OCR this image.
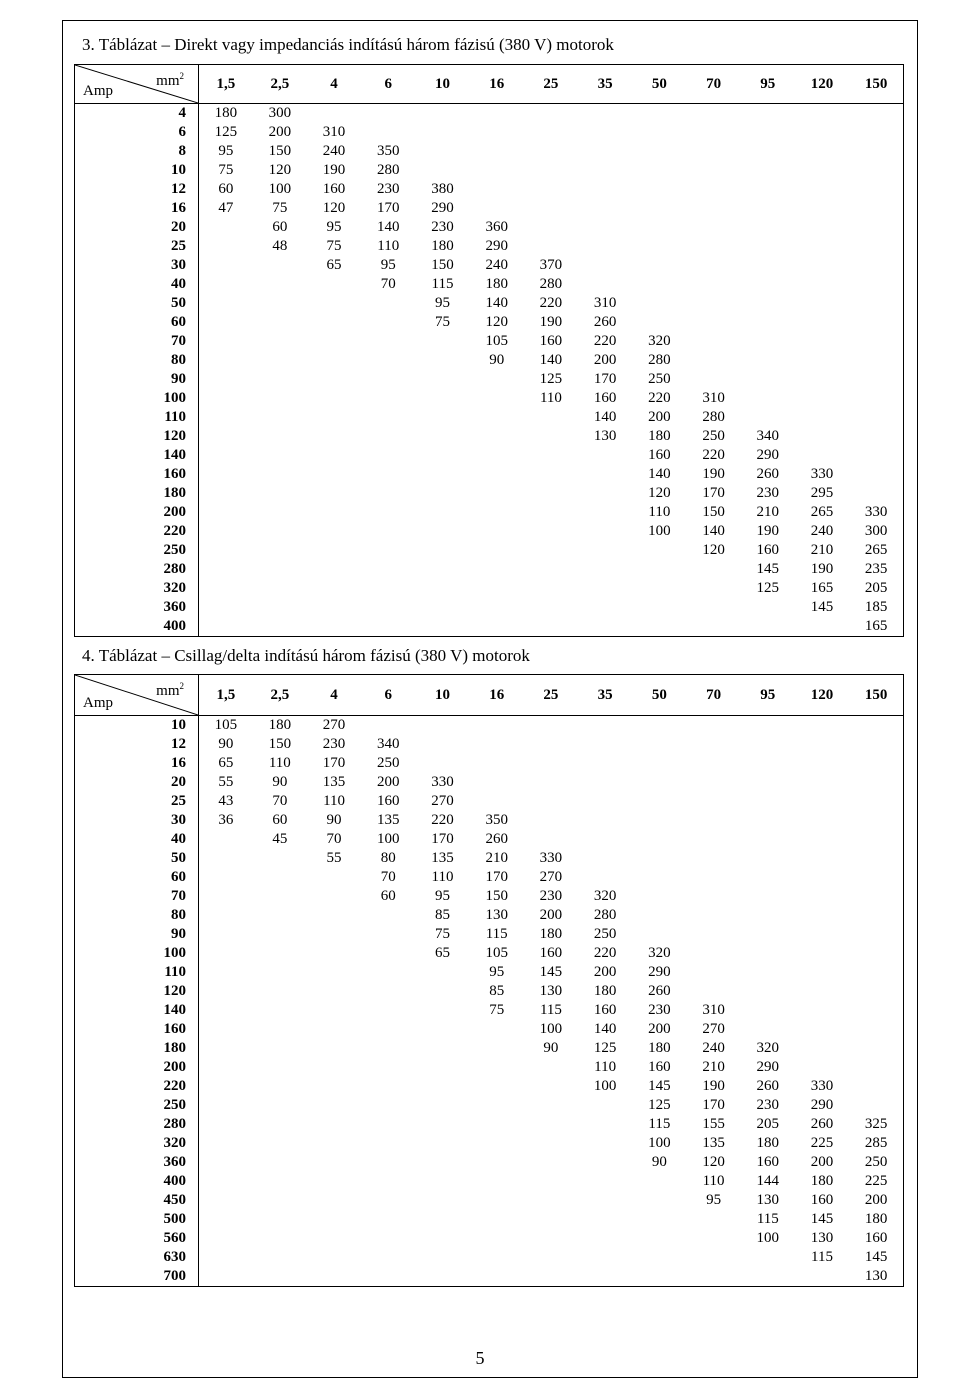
3. Táblázat – Direkt vagy impedanciás indítású három fázisú (380 V) motorok
$mm^2$
Amp	1,5	2,5	4	6	10	16	25	35	50	70	95	120	150
4	180	300											
6	125	200	310										
8	95	150	240	350									
10	75	120	190	280									
12	60	100	160	230	380								
16	47	75	120	170	290								
20		60	95	140	230	360							
25		48	75	110	180	290							
30			65	95	150	240	370						
40				70	115	180	280						
50					95	140	220	310					
60					75	120	190	260					
70						105	160	220	320				
80						90	140	200	280				
90							125	170	250				
100							110	160	220	310			
110								140	200	280			
120								130	180	250	340		
140									160	220	290		
160									140	190	260	330	
180									120	170	230	295	
200									110	150	210	265	330
220									100	140	190	240	300
250										120	160	210	265
280											145	190	235
320											125	165	205
360												145	185
400													165
4. Táblázat – Csillag/delta indítású három fázisú (380 V) motorok
$mm^2$
Amp	1,5	2,5	4	6	10	16	25	35	50	70	95	120	150
10	105	180	270										
12	90	150	230	340									
16	65	110	170	250									
20	55	90	135	200	330								
25	43	70	110	160	270								
30	36	60	90	135	220	350							
40		45	70	100	170	260							
50			55	80	135	210	330						
60				70	110	170	270						
70				60	95	150	230	320					
80					85	130	200	280					
90					75	115	180	250					
100					65	105	160	220	320				
110						95	145	200	290				
120						85	130	180	260				
140						75	115	160	230	310			
160							100	140	200	270			
180							90	125	180	240	320		
200								110	160	210	290		
220								100	145	190	260	330	
250									125	170	230	290	
280									115	155	205	260	325
320									100	135	180	225	285
360									90	120	160	200	250
400										110	144	180	225
450										95	130	160	200
500											115	145	180
560											100	130	160
630												115	145
700													130
5
